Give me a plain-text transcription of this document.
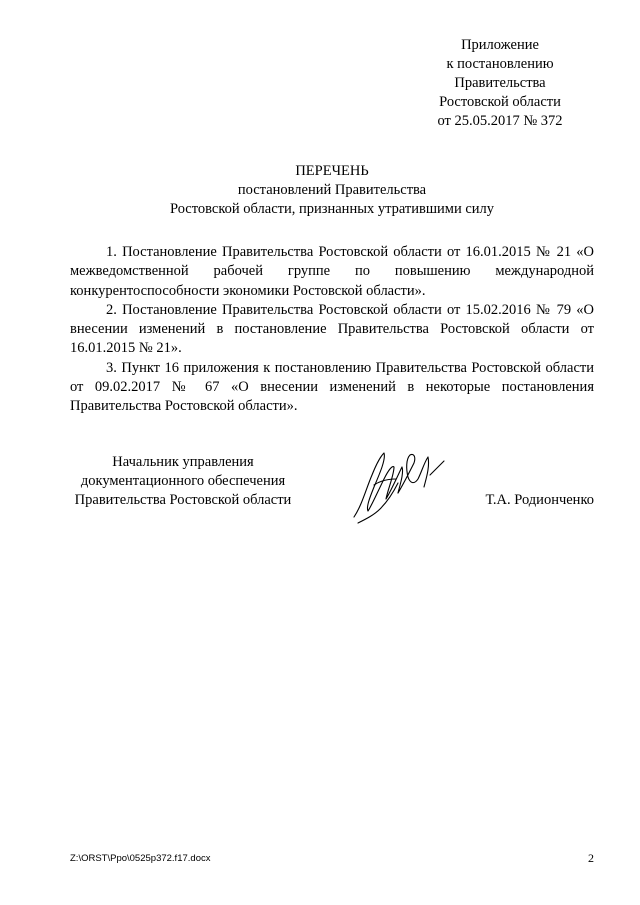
Приложение
к постановлению
Правительства
Ростовской области
от 25.05.2017 № 372
ПЕРЕЧЕНЬ
постановлений Правительства
Ростовской области, признанных утратившими силу

1. Постановление Правительства Ростовской области от 16.01.2015 № 21 «О межведомственной рабочей группе по повышению международной конкурентоспособности экономики Ростовской области».

2. Постановление Правительства Ростовской области от 15.02.2016 № 79 «О внесении изменений в постановление Правительства Ростовской области от 16.01.2015 № 21».

3. Пункт 16 приложения к постановлению Правительства Ростовской области от 09.02.2017 № 67 «О внесении изменений в некоторые постановления Правительства Ростовской области».

Начальник управления
документационного обеспечения
Правительства Ростовской области	Т.А. Родионченко
Z:\ORST\Ppo\0525p372.f17.docx	2
